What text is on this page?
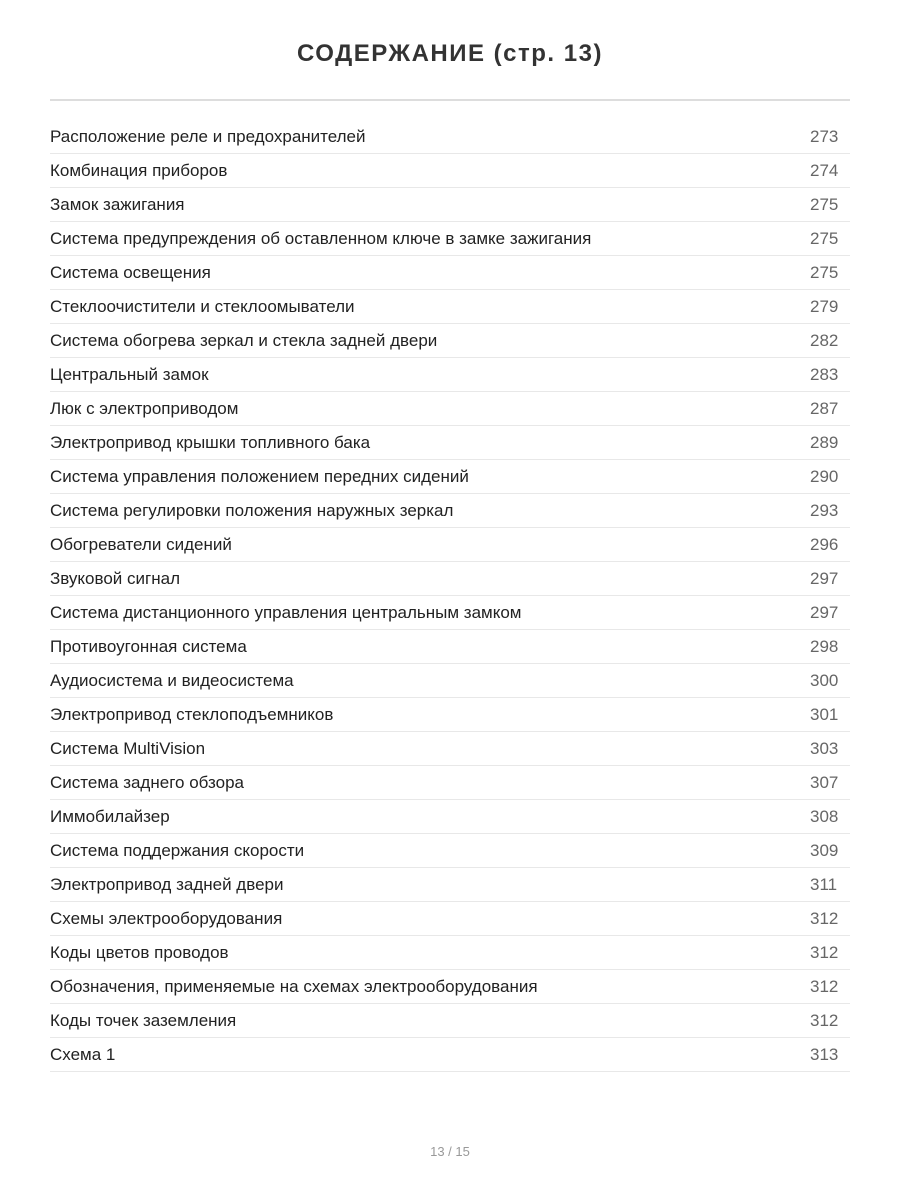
СОДЕРЖАНИЕ (стр. 13)
Расположение реле и предохранителей	273
Комбинация приборов	274
Замок зажигания	275
Система предупреждения об оставленном ключе в замке зажигания	275
Система освещения	275
Стеклоочистители и стеклоомыватели	279
Система обогрева зеркал и стекла задней двери	282
Центральный замок	283
Люк с электроприводом	287
Электропривод крышки топливного бака	289
Система управления положением передних сидений	290
Система регулировки положения наружных зеркал	293
Обогреватели сидений	296
Звуковой сигнал	297
Система дистанционного управления центральным замком	297
Противоугонная система	298
Аудиосистема и видеосистема	300
Электропривод стеклоподъемников	301
Система MultiVision	303
Система заднего обзора	307
Иммобилайзер	308
Система поддержания скорости	309
Электропривод задней двери	311
Схемы электрооборудования	312
Коды цветов проводов	312
Обозначения, применяемые на схемах электрооборудования	312
Коды точек заземления	312
Схема 1	313
13 / 15
